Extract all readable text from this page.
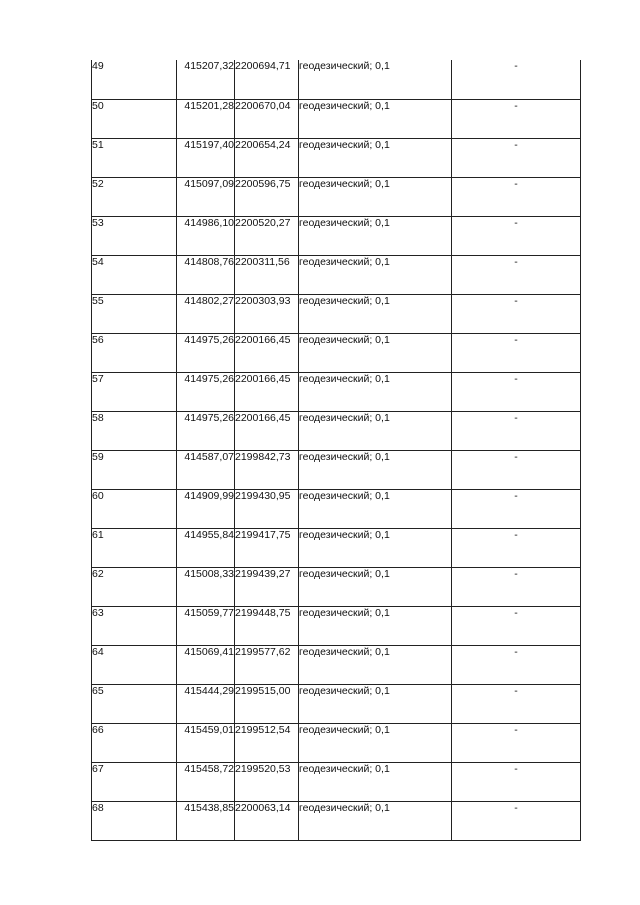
49	415207,32	2200694,71	геодезический; 0,1	-
50	415201,28	2200670,04	геодезический; 0,1	-
51	415197,40	2200654,24	геодезический; 0,1	-
52	415097,09	2200596,75	геодезический; 0,1	-
53	414986,10	2200520,27	геодезический; 0,1	-
54	414808,76	2200311,56	геодезический; 0,1	-
55	414802,27	2200303,93	геодезический; 0,1	-
56	414975,26	2200166,45	геодезический; 0,1	-
57	414975,26	2200166,45	геодезический; 0,1	-
58	414975,26	2200166,45	геодезический; 0,1	-
59	414587,07	2199842,73	геодезический; 0,1	-
60	414909,99	2199430,95	геодезический; 0,1	-
61	414955,84	2199417,75	геодезический; 0,1	-
62	415008,33	2199439,27	геодезический; 0,1	-
63	415059,77	2199448,75	геодезический; 0,1	-
64	415069,41	2199577,62	геодезический; 0,1	-
65	415444,29	2199515,00	геодезический; 0,1	-
66	415459,01	2199512,54	геодезический; 0,1	-
67	415458,72	2199520,53	геодезический; 0,1	-
68	415438,85	2200063,14	геодезический; 0,1	-
